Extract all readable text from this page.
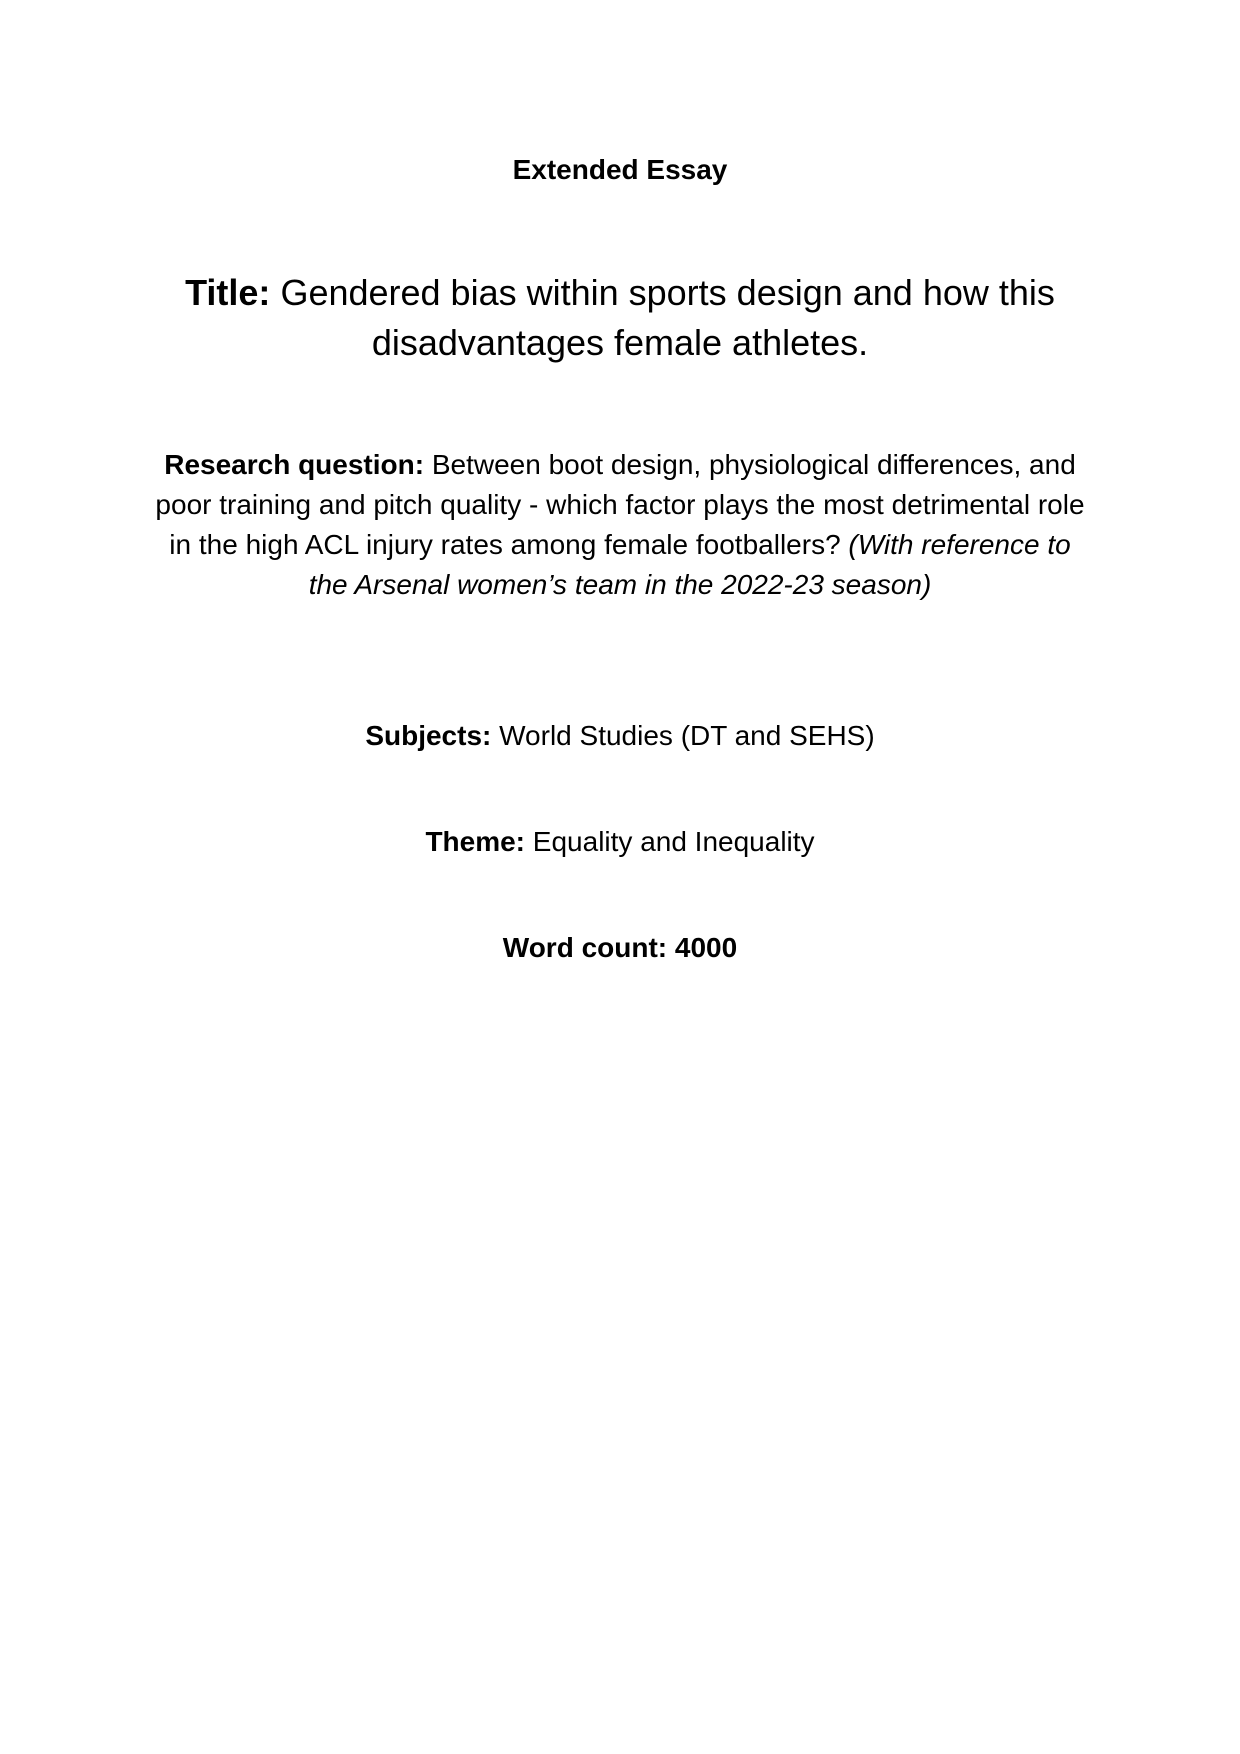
Extended Essay
Title: Gendered bias within sports design and how this disadvantages female athletes.
Research question: Between boot design, physiological differences, and poor training and pitch quality - which factor plays the most detrimental role in the high ACL injury rates among female footballers? (With reference to the Arsenal women’s team in the 2022-23 season)
Subjects: World Studies (DT and SEHS)
Theme: Equality and Inequality
Word count: 4000
